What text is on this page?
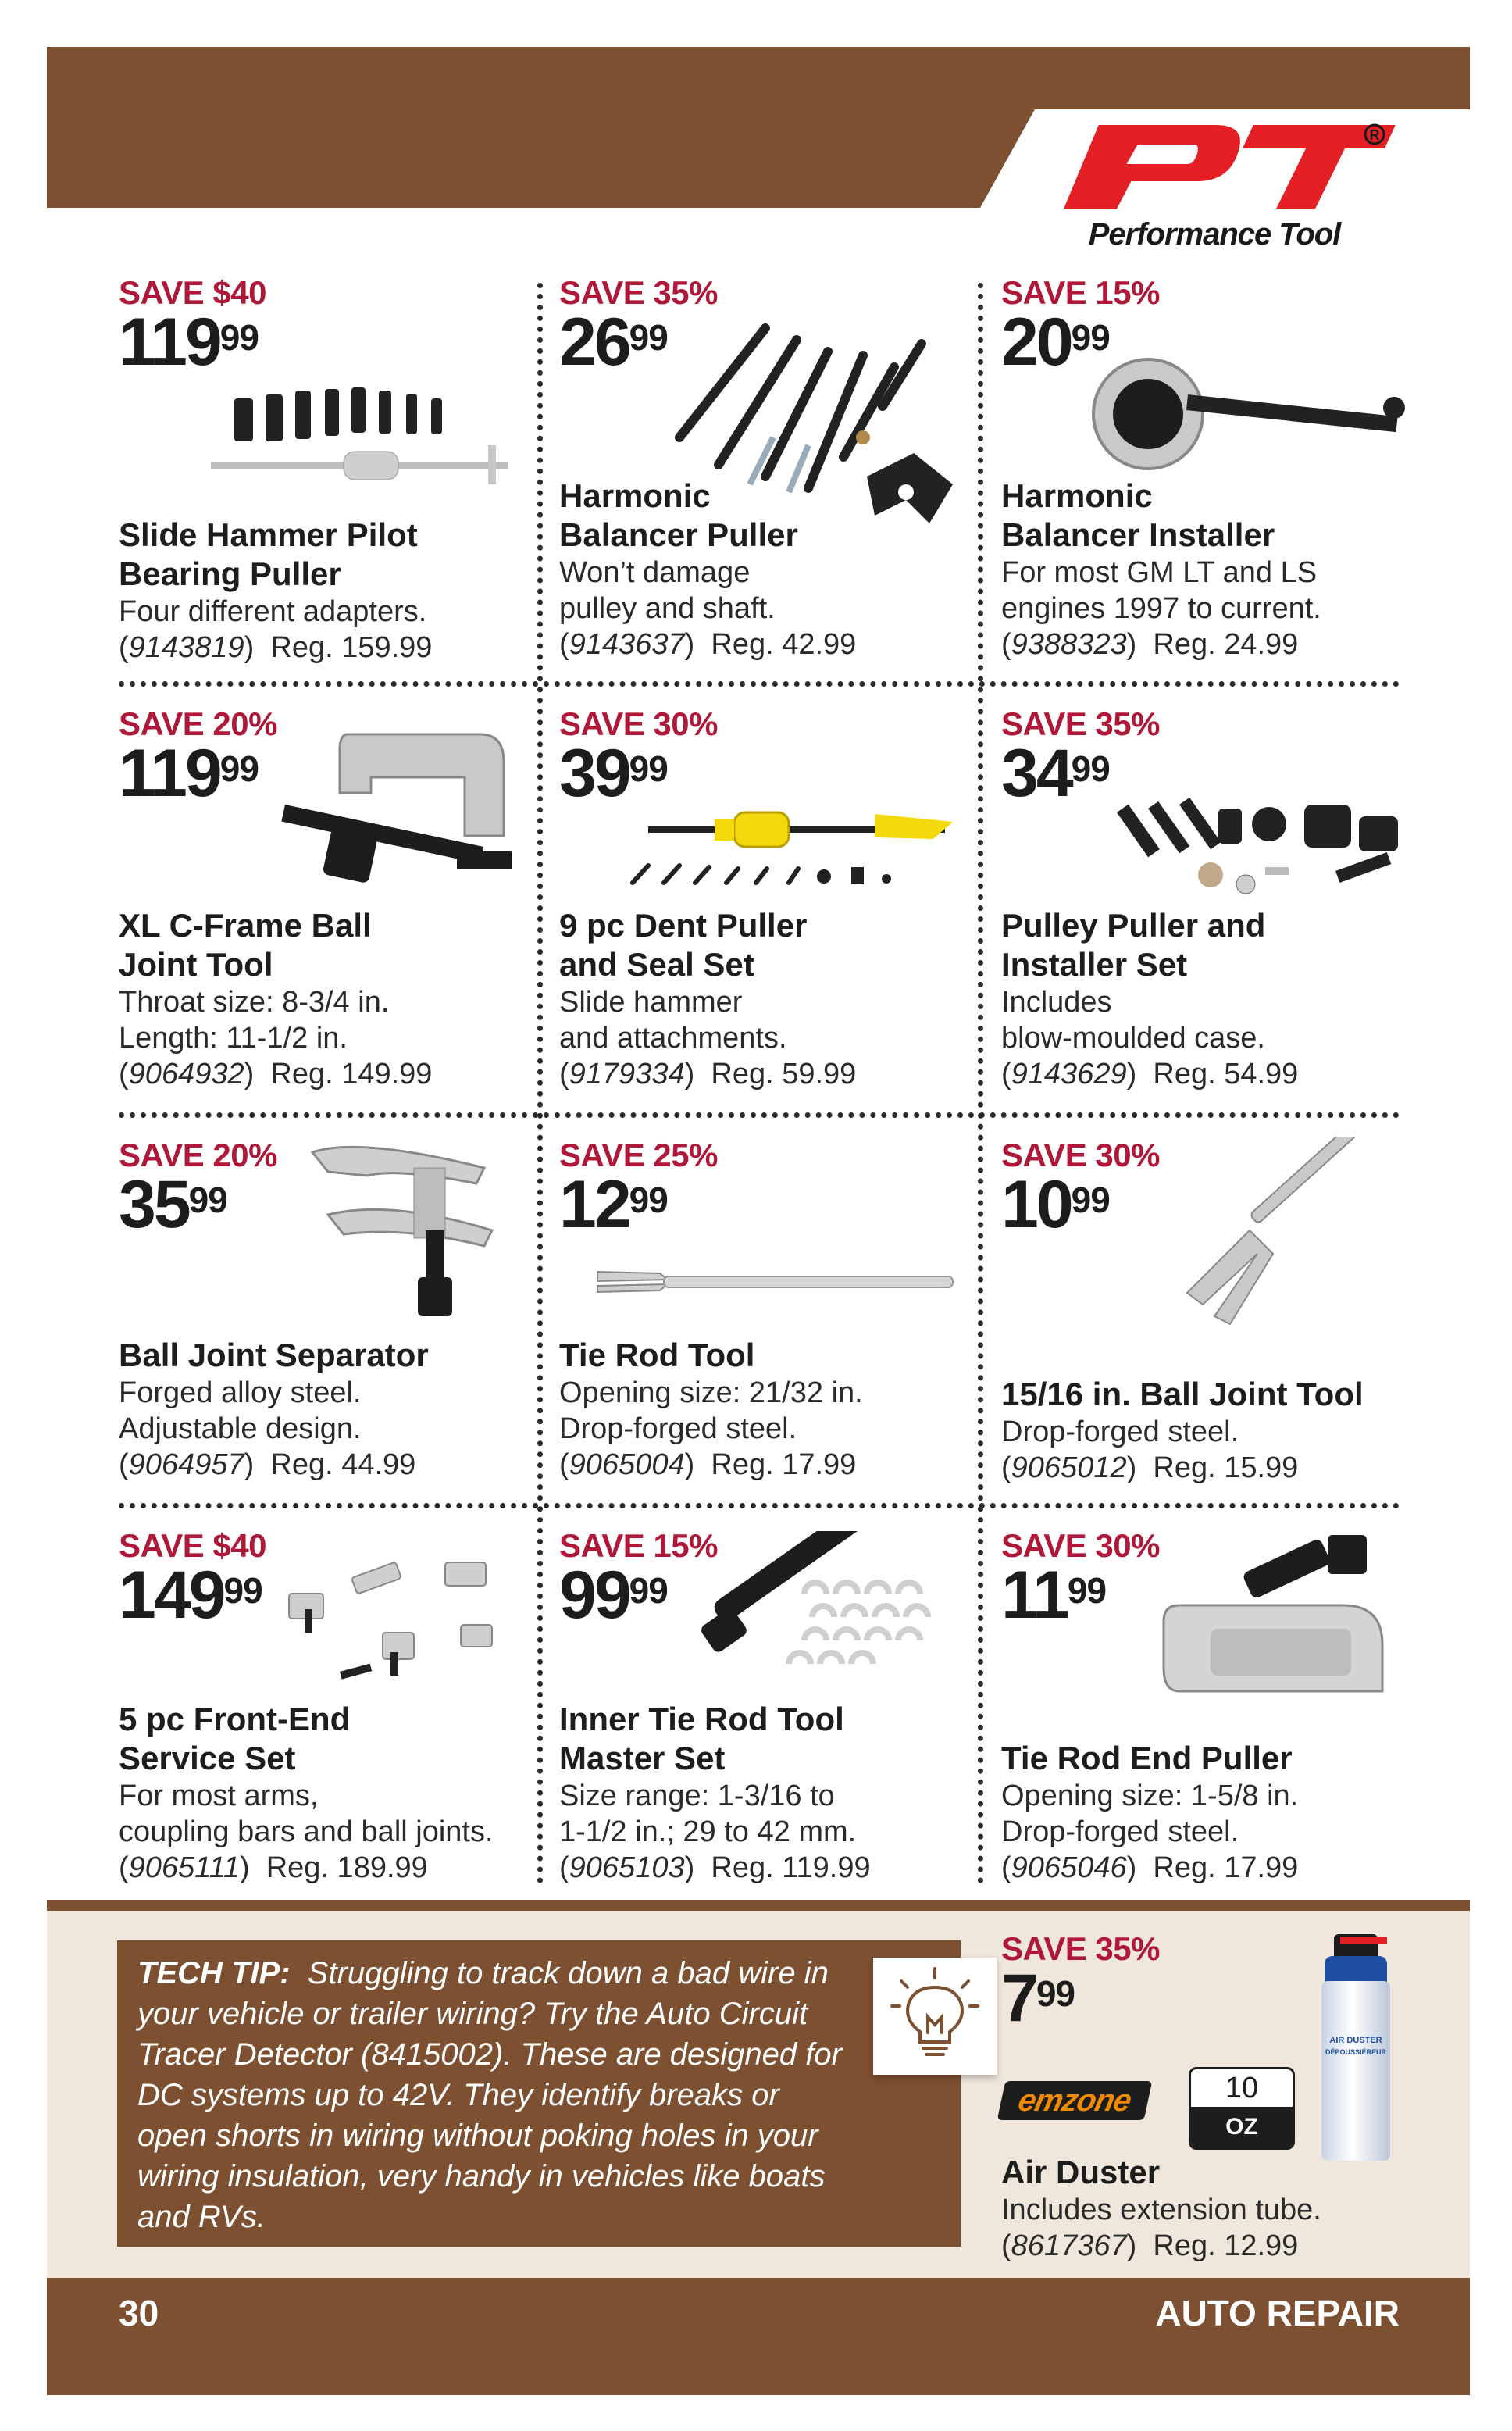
R
Performance Tool
SAVE $40
11999
Slide Hammer Pilot Bearing Puller
Four different adapters.
(9143819)  Reg. 159.99
SAVE 35%
2699
Harmonic Balancer Puller
Won’t damage
pulley and shaft.
(9143637)  Reg. 42.99
SAVE 15%
2099
Harmonic Balancer Installer
For most GM LT and LS
engines 1997 to current.
(9388323)  Reg. 24.99
SAVE 20%
11999
XL C-Frame Ball Joint Tool
Throat size: 8-3/4 in.
Length: 11-1/2 in.
(9064932)  Reg. 149.99
SAVE 30%
3999
9 pc Dent Puller and Seal Set
Slide hammer
and attachments.
(9179334)  Reg. 59.99
SAVE 35%
3499
Pulley Puller and Installer Set
Includes
blow-moulded case.
(9143629)  Reg. 54.99
SAVE 20%
3599
Ball Joint Separator
Forged alloy steel.
Adjustable design.
(9064957)  Reg. 44.99
SAVE 25%
1299
Tie Rod Tool
Opening size: 21/32 in.
Drop-forged steel.
(9065004)  Reg. 17.99
SAVE 30%
1099
15/16 in. Ball Joint Tool
Drop-forged steel.
(9065012)  Reg. 15.99
SAVE $40
14999
5 pc Front-End Service Set
For most arms,
coupling bars and ball joints.
(9065111)  Reg. 189.99
SAVE 15%
9999
Inner Tie Rod Tool Master Set
Size range: 1-3/16 to
1-1/2 in.; 29 to 42 mm.
(9065103)  Reg. 119.99
SAVE 30%
1199
Tie Rod End Puller
Opening size: 1-5/8 in.
Drop-forged steel.
(9065046)  Reg. 17.99
TECH TIP: Struggling to track down a bad wire in your vehicle or trailer wiring? Try the Auto Circuit Tracer Detector (8415002). These are designed for DC systems up to 42V. They identify breaks or open shorts in wiring without poking holes in your wiring insulation, very handy in vehicles like boats and RVs.
SAVE 35%
799
emzone	10
OZ
AIR DUSTER
DÉPOUSSIÉREUR
Air Duster
Includes extension tube.
(8617367)  Reg. 12.99
30	AUTO REPAIR
